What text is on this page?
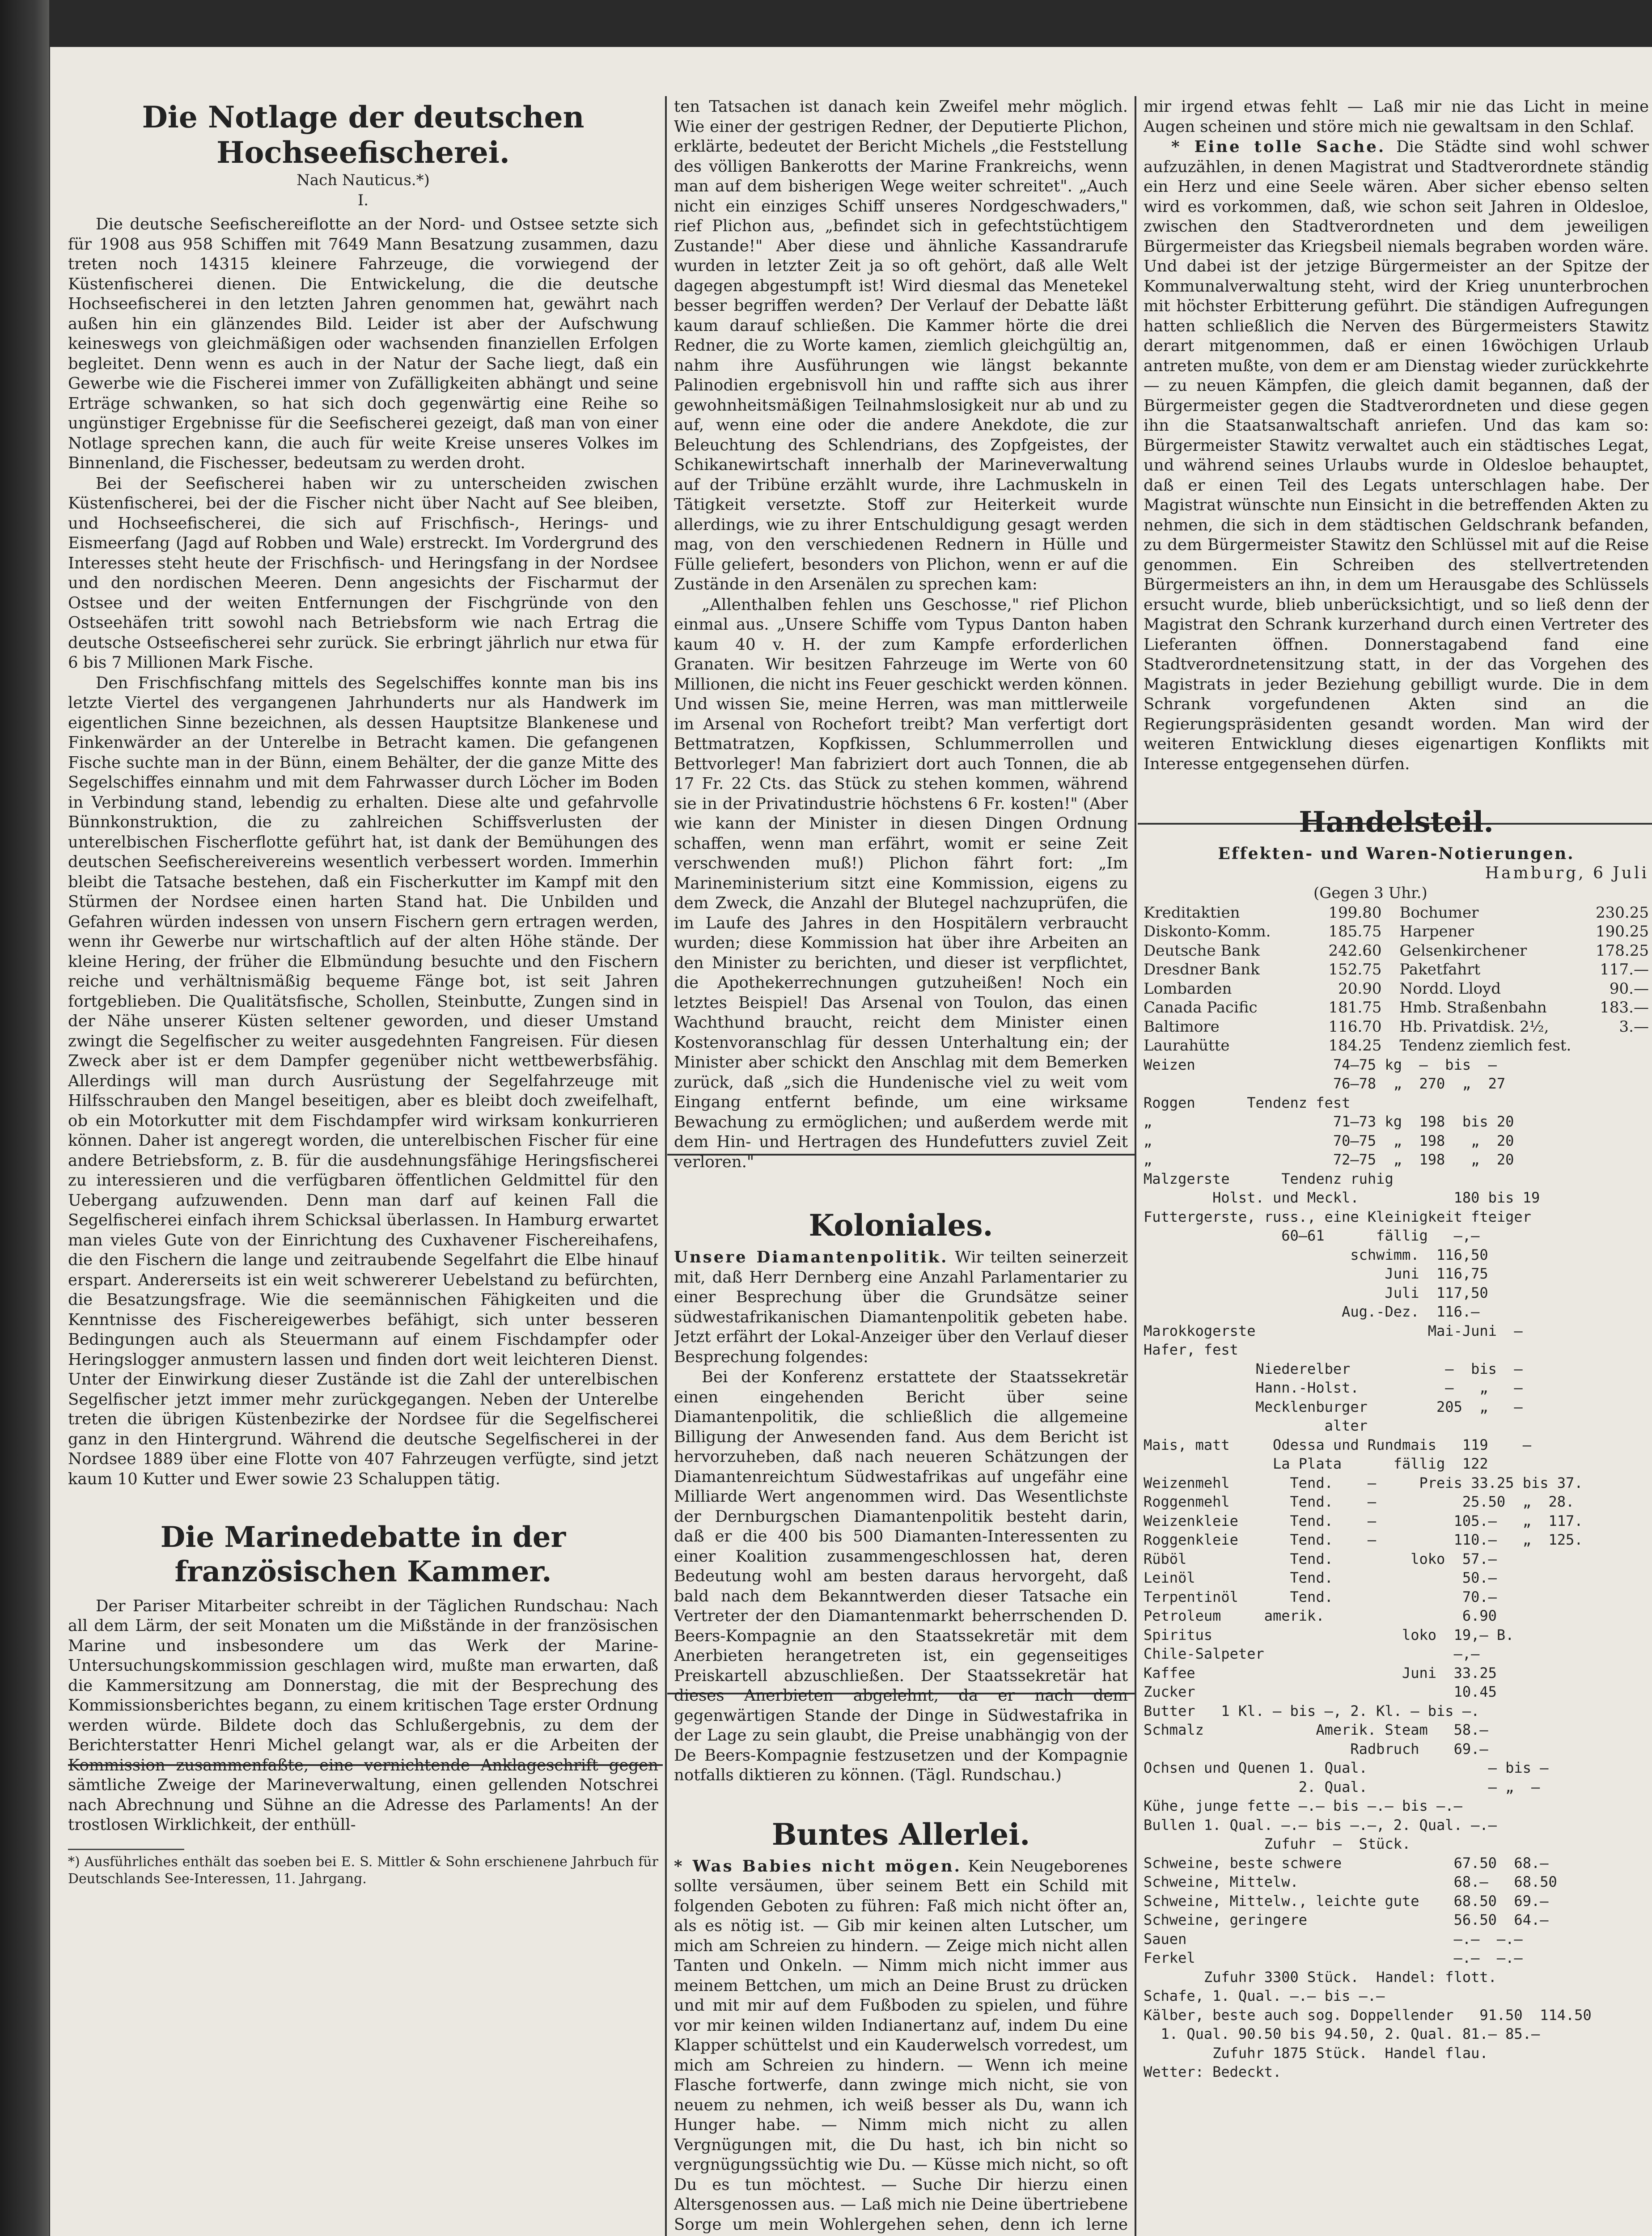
Die Notlage der deutschen Hochseefischerei.
Nach Nauticus.*)
I.

Die deutsche Seefischereiflotte an der Nord- und Ostsee setzte sich für 1908 aus 958 Schiffen mit 7649 Mann Besatzung zusammen, dazu treten noch 14315 kleinere Fahrzeuge, die vorwiegend der Küstenfischerei dienen. Die Entwickelung, die die deutsche Hochseefischerei in den letzten Jahren genommen hat, gewährt nach außen hin ein glänzendes Bild. Leider ist aber der Aufschwung keineswegs von gleichmäßigen oder wachsenden finanziellen Erfolgen begleitet. Denn wenn es auch in der Natur der Sache liegt, daß ein Gewerbe wie die Fischerei immer von Zufälligkeiten abhängt und seine Erträge schwanken, so hat sich doch gegenwärtig eine Reihe so ungünstiger Ergebnisse für die Seefischerei gezeigt, daß man von einer Notlage sprechen kann, die auch für weite Kreise unseres Volkes im Binnenland, die Fischesser, bedeutsam zu werden droht.

Bei der Seefischerei haben wir zu unterscheiden zwischen Küstenfischerei, bei der die Fischer nicht über Nacht auf See bleiben, und Hochseefischerei, die sich auf Frischfisch-, Herings- und Eismeerfang (Jagd auf Robben und Wale) erstreckt. Im Vordergrund des Interesses steht heute der Frischfisch- und Heringsfang in der Nordsee und den nordischen Meeren. Denn angesichts der Fischarmut der Ostsee und der weiten Entfernungen der Fischgründe von den Ostseehäfen tritt sowohl nach Betriebsform wie nach Ertrag die deutsche Ostseefischerei sehr zurück. Sie erbringt jährlich nur etwa für 6 bis 7 Millionen Mark Fische.

Den Frischfischfang mittels des Segelschiffes konnte man bis ins letzte Viertel des vergangenen Jahrhunderts nur als Handwerk im eigentlichen Sinne bezeichnen, als dessen Hauptsitze Blankenese und Finkenwärder an der Unterelbe in Betracht kamen. Die gefangenen Fische suchte man in der Bünn, einem Behälter, der die ganze Mitte des Segelschiffes einnahm und mit dem Fahrwasser durch Löcher im Boden in Verbindung stand, lebendig zu erhalten. Diese alte und gefahrvolle Bünnkonstruktion, die zu zahlreichen Schiffsverlusten der unterelbischen Fischerflotte geführt hat, ist dank der Bemühungen des deutschen Seefischereivereins wesentlich verbessert worden. Immerhin bleibt die Tatsache bestehen, daß ein Fischerkutter im Kampf mit den Stürmen der Nordsee einen harten Stand hat. Die Unbilden und Gefahren würden indessen von unsern Fischern gern ertragen werden, wenn ihr Gewerbe nur wirtschaftlich auf der alten Höhe stände. Der kleine Hering, der früher die Elbmündung besuchte und den Fischern reiche und verhältnismäßig bequeme Fänge bot, ist seit Jahren fortgeblieben. Die Qualitätsfische, Schollen, Steinbutte, Zungen sind in der Nähe unserer Küsten seltener geworden, und dieser Umstand zwingt die Segelfischer zu weiter ausgedehnten Fangreisen. Für diesen Zweck aber ist er dem Dampfer gegenüber nicht wettbewerbsfähig. Allerdings will man durch Ausrüstung der Segelfahrzeuge mit Hilfsschrauben den Mangel beseitigen, aber es bleibt doch zweifelhaft, ob ein Motorkutter mit dem Fischdampfer wird wirksam konkurrieren können. Daher ist angeregt worden, die unterelbischen Fischer für eine andere Betriebsform, z. B. für die ausdehnungsfähige Heringsfischerei zu interessieren und die verfügbaren öffentlichen Geldmittel für den Uebergang aufzuwenden. Denn man darf auf keinen Fall die Segelfischerei einfach ihrem Schicksal überlassen. In Hamburg erwartet man vieles Gute von der Einrichtung des Cuxhavener Fischereihafens, die den Fischern die lange und zeitraubende Segelfahrt die Elbe hinauf erspart. Andererseits ist ein weit schwererer Uebelstand zu befürchten, die Besatzungsfrage. Wie die seemännischen Fähigkeiten und die Kenntnisse des Fischereigewerbes befähigt, sich unter besseren Bedingungen auch als Steuermann auf einem Fischdampfer oder Heringslogger anmustern lassen und finden dort weit leichteren Dienst. Unter der Einwirkung dieser Zustände ist die Zahl der unterelbischen Segelfischer jetzt immer mehr zurückgegangen. Neben der Unterelbe treten die übrigen Küstenbezirke der Nordsee für die Segelfischerei ganz in den Hintergrund. Während die deutsche Segelfischerei in der Nordsee 1889 über eine Flotte von 407 Fahrzeugen verfügte, sind jetzt kaum 10 Kutter und Ewer sowie 23 Schaluppen tätig.

Die Marinedebatte in der französischen Kammer.

Der Pariser Mitarbeiter schreibt in der Täglichen Rundschau: Nach all dem Lärm, der seit Monaten um die Mißstände in der französischen Marine und insbesondere um das Werk der Marine-Untersuchungskommission geschlagen wird, mußte man erwarten, daß die Kammersitzung am Donnerstag, die mit der Besprechung des Kommissionsberichtes begann, zu einem kritischen Tage erster Ordnung werden würde. Bildete doch das Schlußergebnis, zu dem der Berichterstatter Henri Michel gelangt war, als er die Arbeiten der Kommission zusammenfaßte, eine vernichtende Anklageschrift gegen sämtliche Zweige der Marineverwaltung, einen gellenden Notschrei nach Abrechnung und Sühne an die Adresse des Parlaments! An der trostlosen Wirklichkeit, der enthüll-

*) Ausführliches enthält das soeben bei E. S. Mittler & Sohn erschienene Jahrbuch für Deutschlands See-Interessen, 11. Jahrgang.

ten Tatsachen ist danach kein Zweifel mehr möglich. Wie einer der gestrigen Redner, der Deputierte Plichon, erklärte, bedeutet der Bericht Michels „die Feststellung des völligen Bankerotts der Marine Frankreichs, wenn man auf dem bisherigen Wege weiter schreitet". „Auch nicht ein einziges Schiff unseres Nordgeschwaders," rief Plichon aus, „befindet sich in gefechtstüchtigem Zustande!" Aber diese und ähnliche Kassandrarufe wurden in letzter Zeit ja so oft gehört, daß alle Welt dagegen abgestumpft ist! Wird diesmal das Menetekel besser begriffen werden? Der Verlauf der Debatte läßt kaum darauf schließen. Die Kammer hörte die drei Redner, die zu Worte kamen, ziemlich gleichgültig an, nahm ihre Ausführungen wie längst bekannte Palinodien ergebnisvoll hin und raffte sich aus ihrer gewohnheitsmäßigen Teilnahmslosigkeit nur ab und zu auf, wenn eine oder die andere Anekdote, die zur Beleuchtung des Schlendrians, des Zopfgeistes, der Schikanewirtschaft innerhalb der Marineverwaltung auf der Tribüne erzählt wurde, ihre Lachmuskeln in Tätigkeit versetzte. Stoff zur Heiterkeit wurde allerdings, wie zu ihrer Entschuldigung gesagt werden mag, von den verschiedenen Rednern in Hülle und Fülle geliefert, besonders von Plichon, wenn er auf die Zustände in den Arsenälen zu sprechen kam:

„Allenthalben fehlen uns Geschosse," rief Plichon einmal aus. „Unsere Schiffe vom Typus Danton haben kaum 40 v. H. der zum Kampfe erforderlichen Granaten. Wir besitzen Fahrzeuge im Werte von 60 Millionen, die nicht ins Feuer geschickt werden können. Und wissen Sie, meine Herren, was man mittlerweile im Arsenal von Rochefort treibt? Man verfertigt dort Bettmatratzen, Kopfkissen, Schlummerrollen und Bettvorleger! Man fabriziert dort auch Tonnen, die ab 17 Fr. 22 Cts. das Stück zu stehen kommen, während sie in der Privatindustrie höchstens 6 Fr. kosten!" (Aber wie kann der Minister in diesen Dingen Ordnung schaffen, wenn man erfährt, womit er seine Zeit verschwenden muß!) Plichon fährt fort: „Im Marineministerium sitzt eine Kommission, eigens zu dem Zweck, die Anzahl der Blutegel nachzuprüfen, die im Laufe des Jahres in den Hospitälern verbraucht wurden; diese Kommission hat über ihre Arbeiten an den Minister zu berichten, und dieser ist verpflichtet, die Apothekerrechnungen gutzuheißen! Noch ein letztes Beispiel! Das Arsenal von Toulon, das einen Wachthund braucht, reicht dem Minister einen Kostenvoranschlag für dessen Unterhaltung ein; der Minister aber schickt den Anschlag mit dem Bemerken zurück, daß „sich die Hundenische viel zu weit vom Eingang entfernt befinde, um eine wirksame Bewachung zu ermöglichen; und außerdem werde mit dem Hin- und Hertragen des Hundefutters zuviel Zeit verloren."

Koloniales.

Unsere Diamantenpolitik. Wir teilten seinerzeit mit, daß Herr Dernberg eine Anzahl Parlamentarier zu einer Besprechung über die Grundsätze seiner südwestafrikanischen Diamantenpolitik gebeten habe. Jetzt erfährt der Lokal-Anzeiger über den Verlauf dieser Besprechung folgendes:

Bei der Konferenz erstattete der Staatssekretär einen eingehenden Bericht über seine Diamantenpolitik, die schließlich die allgemeine Billigung der Anwesenden fand. Aus dem Bericht ist hervorzuheben, daß nach neueren Schätzungen der Diamantenreichtum Südwestafrikas auf ungefähr eine Milliarde Wert angenommen wird. Das Wesentlichste der Dernburgschen Diamantenpolitik besteht darin, daß er die 400 bis 500 Diamanten-Interessenten zu einer Koalition zusammengeschlossen hat, deren Bedeutung wohl am besten daraus hervorgeht, daß bald nach dem Bekanntwerden dieser Tatsache ein Vertreter der den Diamantenmarkt beherrschenden D. Beers-Kompagnie an den Staatssekretär mit dem Anerbieten herangetreten ist, ein gegenseitiges Preiskartell abzuschließen. Der Staatssekretär hat dieses Anerbieten abgelehnt, da er nach dem gegenwärtigen Stande der Dinge in Südwestafrika in der Lage zu sein glaubt, die Preise unabhängig von der De Beers-Kompagnie festzusetzen und der Kompagnie notfalls diktieren zu können. (Tägl. Rundschau.)

Buntes Allerlei.

* Was Babies nicht mögen. Kein Neugeborenes sollte versäumen, über seinem Bett ein Schild mit folgenden Geboten zu führen: Faß mich nicht öfter an, als es nötig ist. — Gib mir keinen alten Lutscher, um mich am Schreien zu hindern. — Zeige mich nicht allen Tanten und Onkeln. — Nimm mich nicht immer aus meinem Bettchen, um mich an Deine Brust zu drücken und mit mir auf dem Fußboden zu spielen, und führe vor mir keinen wilden Indianertanz auf, indem Du eine Klapper schüttelst und ein Kauderwelsch vorredest, um mich am Schreien zu hindern. — Wenn ich meine Flasche fortwerfe, dann zwinge mich nicht, sie von neuem zu nehmen, ich weiß besser als Du, wann ich Hunger habe. — Nimm mich nicht zu allen Vergnügungen mit, die Du hast, ich bin nicht so vergnügungssüchtig wie Du. — Küsse mich nicht, so oft Du es tun möchtest. — Suche Dir hierzu einen Altersgenossen aus. — Laß mich nie Deine übertriebene Sorge um mein Wohlergehen sehen, denn ich lerne

mir irgend etwas fehlt — Laß mir nie das Licht in meine Augen scheinen und störe mich nie gewaltsam in den Schlaf.

* Eine tolle Sache. Die Städte sind wohl schwer aufzuzählen, in denen Magistrat und Stadtverordnete ständig ein Herz und eine Seele wären. Aber sicher ebenso selten wird es vorkommen, daß, wie schon seit Jahren in Oldesloe, zwischen den Stadtverordneten und dem jeweiligen Bürgermeister das Kriegsbeil niemals begraben worden wäre. Und dabei ist der jetzige Bürgermeister an der Spitze der Kommunalverwaltung steht, wird der Krieg ununterbrochen mit höchster Erbitterung geführt. Die ständigen Aufregungen hatten schließlich die Nerven des Bürgermeisters Stawitz derart mitgenommen, daß er einen 16wöchigen Urlaub antreten mußte, von dem er am Dienstag wieder zurückkehrte — zu neuen Kämpfen, die gleich damit begannen, daß der Bürgermeister gegen die Stadtverordneten und diese gegen ihn die Staatsanwaltschaft anriefen. Und das kam so: Bürgermeister Stawitz verwaltet auch ein städtisches Legat, und während seines Urlaubs wurde in Oldesloe behauptet, daß er einen Teil des Legats unterschlagen habe. Der Magistrat wünschte nun Einsicht in die betreffenden Akten zu nehmen, die sich in dem städtischen Geldschrank befanden, zu dem Bürgermeister Stawitz den Schlüssel mit auf die Reise genommen. Ein Schreiben des stellvertretenden Bürgermeisters an ihn, in dem um Herausgabe des Schlüssels ersucht wurde, blieb unberücksichtigt, und so ließ denn der Magistrat den Schrank kurzerhand durch einen Vertreter des Lieferanten öffnen. Donnerstagabend fand eine Stadtverordnetensitzung statt, in der das Vorgehen des Magistrats in jeder Beziehung gebilligt wurde. Die in dem Schrank vorgefundenen Akten sind an die Regierungspräsidenten gesandt worden. Man wird der weiteren Entwicklung dieses eigenartigen Konflikts mit Interesse entgegensehen dürfen.

Handelsteil.
Effekten- und Waren-Notierungen.
Hamburg, 6 Juli
(Gegen 3 Uhr.)
Kreditaktien	199.80	Bochumer	230.25
Diskonto-Komm.	185.75	Harpener	190.25
Deutsche Bank	242.60	Gelsenkirchener	178.25
Dresdner Bank	152.75	Paketfahrt	117.—
Lombarden	20.90	Nordd. Lloyd	90.—
Canada Pacific	181.75	Hmb. Straßenbahn	183.—
Baltimore	116.70	Hb. Privatdisk. 2½,	3.—
Laurahütte	184.25	Tendenz ziemlich fest.
Weizen                74—75 kg  —  bis  —
76—78  „  270  „  27
Roggen      Tendenz fest
„                     71—73 kg  198  bis 20
„                     70—75  „  198   „  20
„                     72—75  „  198   „  20
Malzgerste      Tendenz ruhig
Holst. und Meckl.           180 bis 19
Futtergerste, russ., eine Kleinigkeit fteiger
60—61      fällig   —,—
schwimm.  116,50
Juni  116,75
Juli  117,50
Aug.-Dez.  116.—
Marokkogerste                    Mai-Juni  —
Hafer, fest
Niederelber           —  bis  —
Hann.-Holst.          —   „   —
Mecklenburger        205  „   —
alter
Mais, matt     Odessa und Rundmais   119    —
La Plata      fällig  122
Weizenmehl       Tend.    —     Preis 33.25 bis 37.
Roggenmehl       Tend.    —          25.50  „  28.
Weizenkleie      Tend.    —         105.—   „  117.
Roggenkleie      Tend.    —         110.—   „  125.
Rüböl            Tend.         loko  57.—
Leinöl           Tend.               50.—
Terpentinöl      Tend.               70.—
Petroleum     amerik.                6.90
Spiritus                      loko  19,— B.
Chile-Salpeter                      —,—
Kaffee                        Juni  33.25
Zucker                              10.45
Butter   1 Kl. — bis —, 2. Kl. — bis —.
Schmalz             Amerik. Steam   58.—
Radbruch    69.—
Ochsen und Quenen 1. Qual.              — bis —
2. Qual.              — „  —
Kühe, junge fette —.— bis —.— bis —.—
Bullen 1. Qual. —.— bis —.—, 2. Qual. —.—
Zufuhr  —  Stück.
Schweine, beste schwere             67.50  68.—
Schweine, Mittelw.                  68.—   68.50
Schweine, Mittelw., leichte gute    68.50  69.—
Schweine, geringere                 56.50  64.—
Sauen                               —.—  —.—
Ferkel                              —.—  —.—
Zufuhr 3300 Stück.  Handel: flott.
Schafe, 1. Qual. —.— bis —.—
Kälber, beste auch sog. Doppellender   91.50  114.50
1. Qual. 90.50 bis 94.50, 2. Qual. 81.— 85.—
Zufuhr 1875 Stück.  Handel flau.
Wetter: Bedeckt.
